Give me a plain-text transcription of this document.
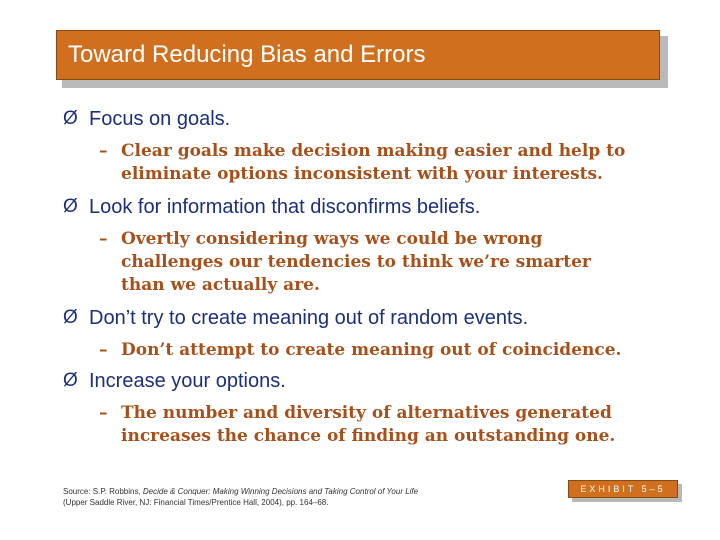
Toward Reducing Bias and Errors
Ø Focus on goals.
– Clear goals make decision making easier and help to eliminate options inconsistent with your interests.
Ø Look for information that disconfirms beliefs.
– Overtly considering ways we could be wrong challenges our tendencies to think we’re smarter than we actually are.
Ø Don’t try to create meaning out of random events.
– Don’t attempt to create meaning out of coincidence.
Ø Increase your options.
– The number and diversity of alternatives generated increases the chance of finding an outstanding one.
Source: S.P. Robbins, Decide & Conquer: Making Winning Decisions and Taking Control of Your Life (Upper Saddle River, NJ: Financial Times/Prentice Hall, 2004), pp. 164–68.
EXHIBIT 5–5
